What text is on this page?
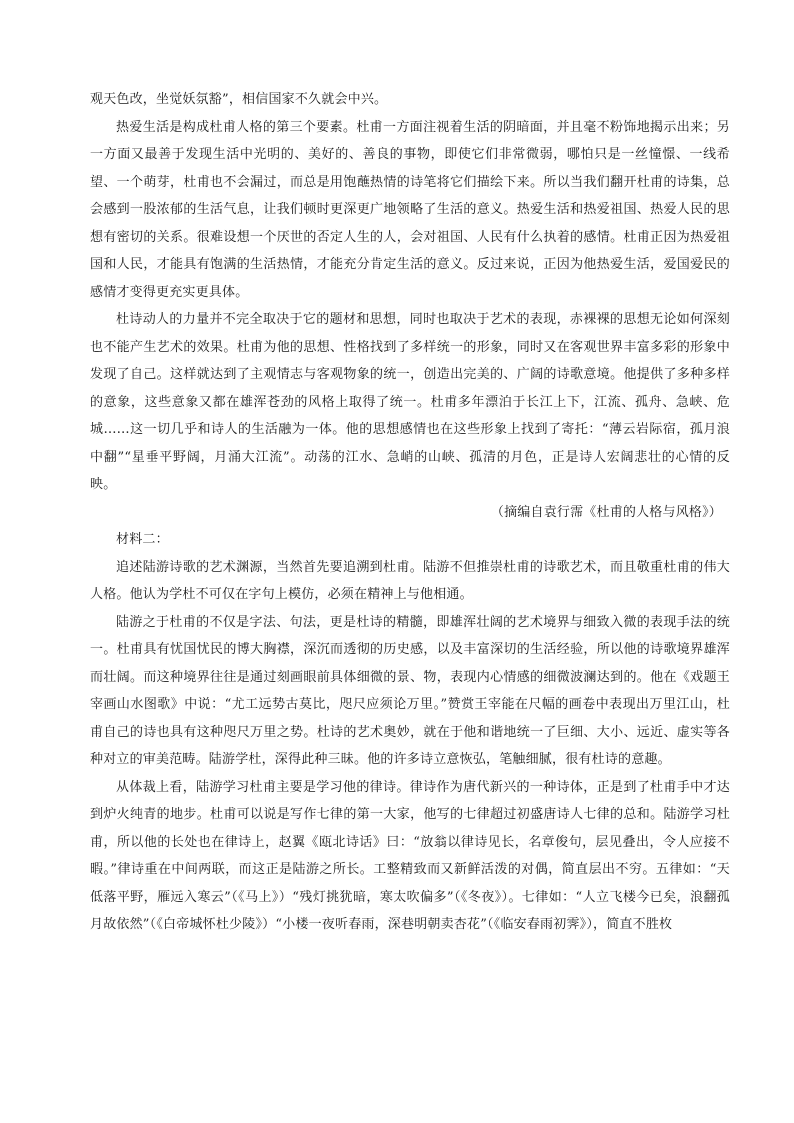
观天色改，坐觉妖氛豁”，相信国家不久就会中兴。

热爱生活是构成杜甫人格的第三个要素。杜甫一方面注视着生活的阴暗面，并且毫不粉饰地揭示出来；另一方面又最善于发现生活中光明的、美好的、善良的事物，即使它们非常微弱，哪怕只是一丝憧憬、一线希望、一个萌芽，杜甫也不会漏过，而总是用饱蘸热情的诗笔将它们描绘下来。所以当我们翻开杜甫的诗集，总会感到一股浓郁的生活气息，让我们顿时更深更广地领略了生活的意义。热爱生活和热爱祖国、热爱人民的思想有密切的关系。很难设想一个厌世的否定人生的人，会对祖国、人民有什么执着的感情。杜甫正因为热爱祖国和人民，才能具有饱满的生活热情，才能充分肯定生活的意义。反过来说，正因为他热爱生活，爱国爱民的感情才变得更充实更具体。

杜诗动人的力量并不完全取决于它的题材和思想，同时也取决于艺术的表现，赤裸裸的思想无论如何深刻也不能产生艺术的效果。杜甫为他的思想、性格找到了多样统一的形象，同时又在客观世界丰富多彩的形象中发现了自己。这样就达到了主观情志与客观物象的统一，创造出完美的、广阔的诗歌意境。他提供了多种多样的意象，这些意象又都在雄浑苍劲的风格上取得了统一。杜甫多年漂泊于长江上下，江流、孤舟、急峡、危城……这一切几乎和诗人的生活融为一体。他的思想感情也在这些形象上找到了寄托：“薄云岩际宿，孤月浪中翻”“星垂平野阔，月涌大江流”。动荡的江水、急峭的山峡、孤清的月色，正是诗人宏阔悲壮的心情的反映。

（摘编自袁行霈《杜甫的人格与风格》）

材料二：

追述陆游诗歌的艺术渊源，当然首先要追溯到杜甫。陆游不但推崇杜甫的诗歌艺术，而且敬重杜甫的伟大人格。他认为学杜不可仅在字句上模仿，必须在精神上与他相通。

陆游之于杜甫的不仅是字法、句法，更是杜诗的精髓，即雄浑壮阔的艺术境界与细致入微的表现手法的统一。杜甫具有忧国忧民的博大胸襟，深沉而透彻的历史感，以及丰富深切的生活经验，所以他的诗歌境界雄浑而壮阔。而这种境界往往是通过刻画眼前具体细微的景、物，表现内心情感的细微波澜达到的。他在《戏题王宰画山水图歌》中说：“尤工远势古莫比，咫尺应须论万里。”赞赏王宰能在尺幅的画卷中表现出万里江山，杜甫自己的诗也具有这种咫尺万里之势。杜诗的艺术奥妙，就在于他和谐地统一了巨细、大小、远近、虚实等各种对立的审美范畴。陆游学杜，深得此种三昧。他的许多诗立意恢弘，笔触细腻，很有杜诗的意趣。

从体裁上看，陆游学习杜甫主要是学习他的律诗。律诗作为唐代新兴的一种诗体，正是到了杜甫手中才达到炉火纯青的地步。杜甫可以说是写作七律的第一大家，他写的七律超过初盛唐诗人七律的总和。陆游学习杜甫，所以他的长处也在律诗上，赵翼《瓯北诗话》曰：“放翁以律诗见长，名章俊句，层见叠出，令人应接不暇。”律诗重在中间两联，而这正是陆游之所长。工整精致而又新鲜活泼的对偶，简直层出不穷。五律如：“天低落平野，雁远入寒云”（《马上》）“残灯挑犹暗，寒太吹偏多”（《冬夜》）。七律如：“人立飞楼今已矣，浪翻孤月故依然”（《白帝城怀杜少陵》）“小楼一夜听春雨，深巷明朝卖杏花”（《临安春雨初霁》），简直不胜枚
